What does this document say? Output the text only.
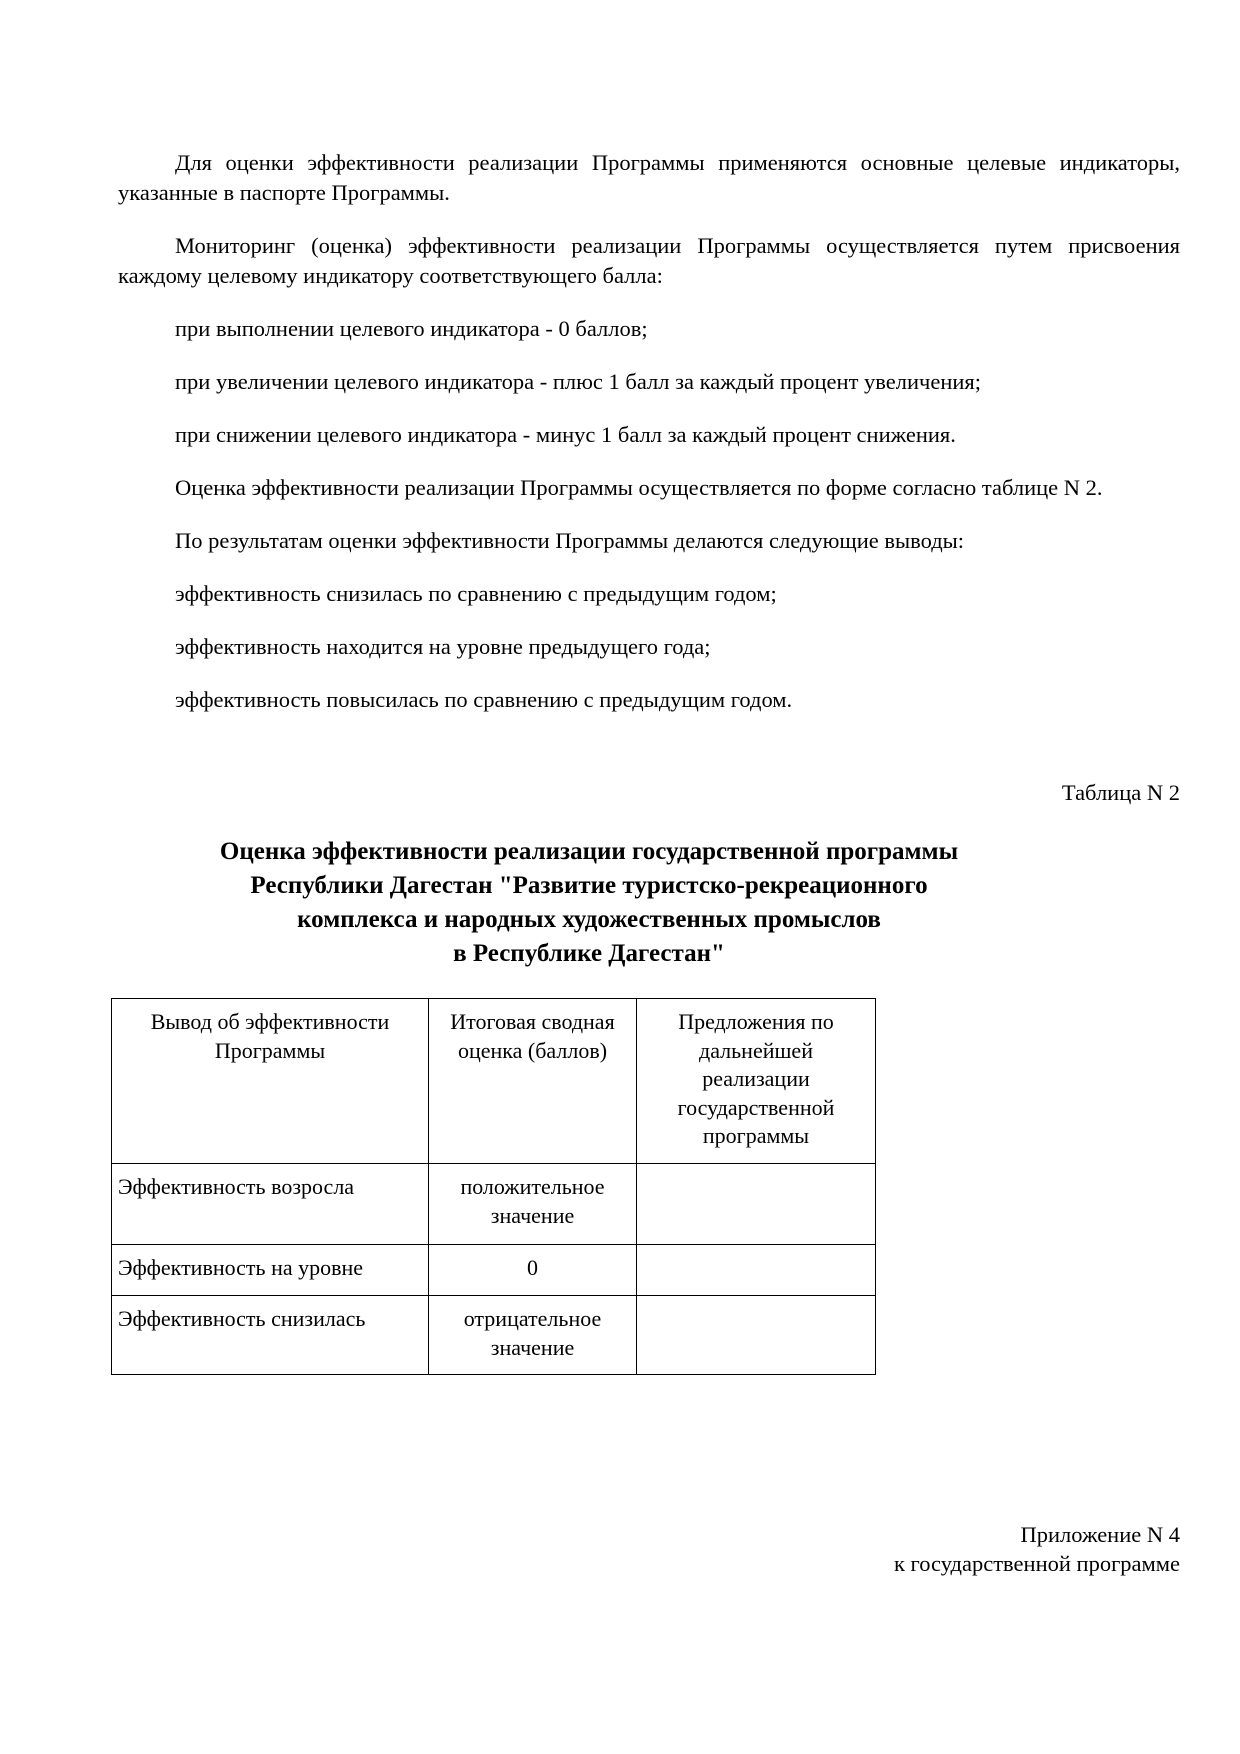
Для оценки эффективности реализации Программы применяются основные целевые индикаторы, указанные в паспорте Программы.

Мониторинг (оценка) эффективности реализации Программы осуществляется путем присвоения каждому целевому индикатору соответствующего балла:

при выполнении целевого индикатора - 0 баллов;

при увеличении целевого индикатора - плюс 1 балл за каждый процент увеличения;

при снижении целевого индикатора - минус 1 балл за каждый процент снижения.

Оценка эффективности реализации Программы осуществляется по форме согласно таблице N 2.

По результатам оценки эффективности Программы делаются следующие выводы:

эффективность снизилась по сравнению с предыдущим годом;

эффективность находится на уровне предыдущего года;

эффективность повысилась по сравнению с предыдущим годом.

Таблица N 2
Оценка эффективности реализации государственной программы
Республики Дагестан "Развитие туристско-рекреационного
комплекса и народных художественных промыслов
в Республике Дагестан"
Вывод об эффективности Программы	Итоговая сводная оценка (баллов)	Предложения по дальнейшей реализации государственной программы
Эффективность возросла	положительное значение	
Эффективность на уровне	0	
Эффективность снизилась	отрицательное значение	
Приложение N 4
к государственной программе
